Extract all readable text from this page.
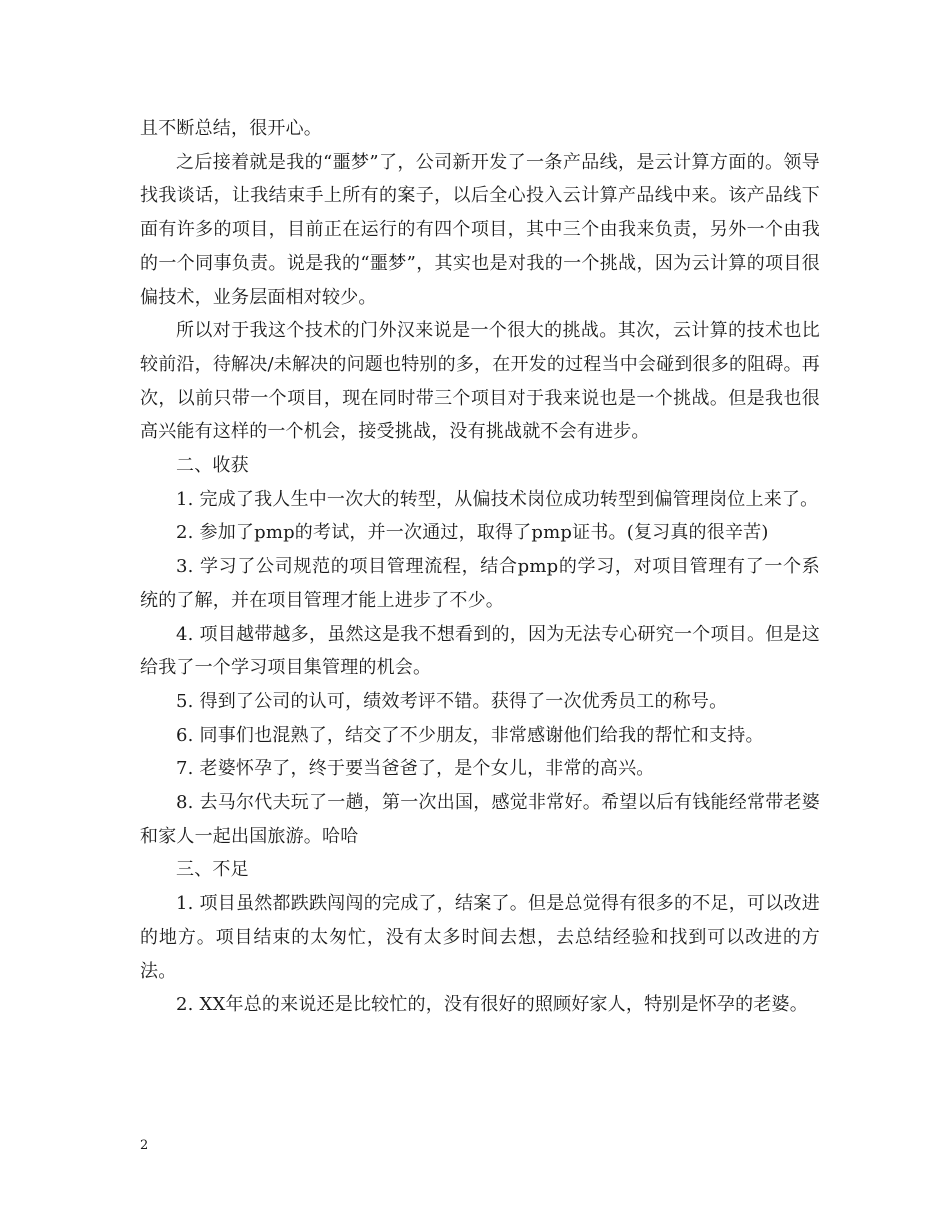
且不断总结，很开心。

之后接着就是我的“噩梦”了，公司新开发了一条产品线，是云计算方面的。领导找我谈话，让我结束手上所有的案子，以后全心投入云计算产品线中来。该产品线下面有许多的项目，目前正在运行的有四个项目，其中三个由我来负责，另外一个由我的一个同事负责。说是我的“噩梦”，其实也是对我的一个挑战，因为云计算的项目很偏技术，业务层面相对较少。

所以对于我这个技术的门外汉来说是一个很大的挑战。其次，云计算的技术也比较前沿，待解决/未解决的问题也特别的多，在开发的过程当中会碰到很多的阻碍。再次，以前只带一个项目，现在同时带三个项目对于我来说也是一个挑战。但是我也很高兴能有这样的一个机会，接受挑战，没有挑战就不会有进步。

二、收获

1. 完成了我人生中一次大的转型，从偏技术岗位成功转型到偏管理岗位上来了。

2. 参加了pmp的考试，并一次通过，取得了pmp证书。(复习真的很辛苦)

3. 学习了公司规范的项目管理流程，结合pmp的学习，对项目管理有了一个系统的了解，并在项目管理才能上进步了不少。

4. 项目越带越多，虽然这是我不想看到的，因为无法专心研究一个项目。但是这给我了一个学习项目集管理的机会。

5. 得到了公司的认可，绩效考评不错。获得了一次优秀员工的称号。

6. 同事们也混熟了，结交了不少朋友，非常感谢他们给我的帮忙和支持。

7. 老婆怀孕了，终于要当爸爸了，是个女儿，非常的高兴。

8. 去马尔代夫玩了一趟，第一次出国，感觉非常好。希望以后有钱能经常带老婆和家人一起出国旅游。哈哈

三、不足

1. 项目虽然都跌跌闯闯的完成了，结案了。但是总觉得有很多的不足，可以改进的地方。项目结束的太匆忙，没有太多时间去想，去总结经验和找到可以改进的方法。

2. XX年总的来说还是比较忙的，没有很好的照顾好家人，特别是怀孕的老婆。

2
